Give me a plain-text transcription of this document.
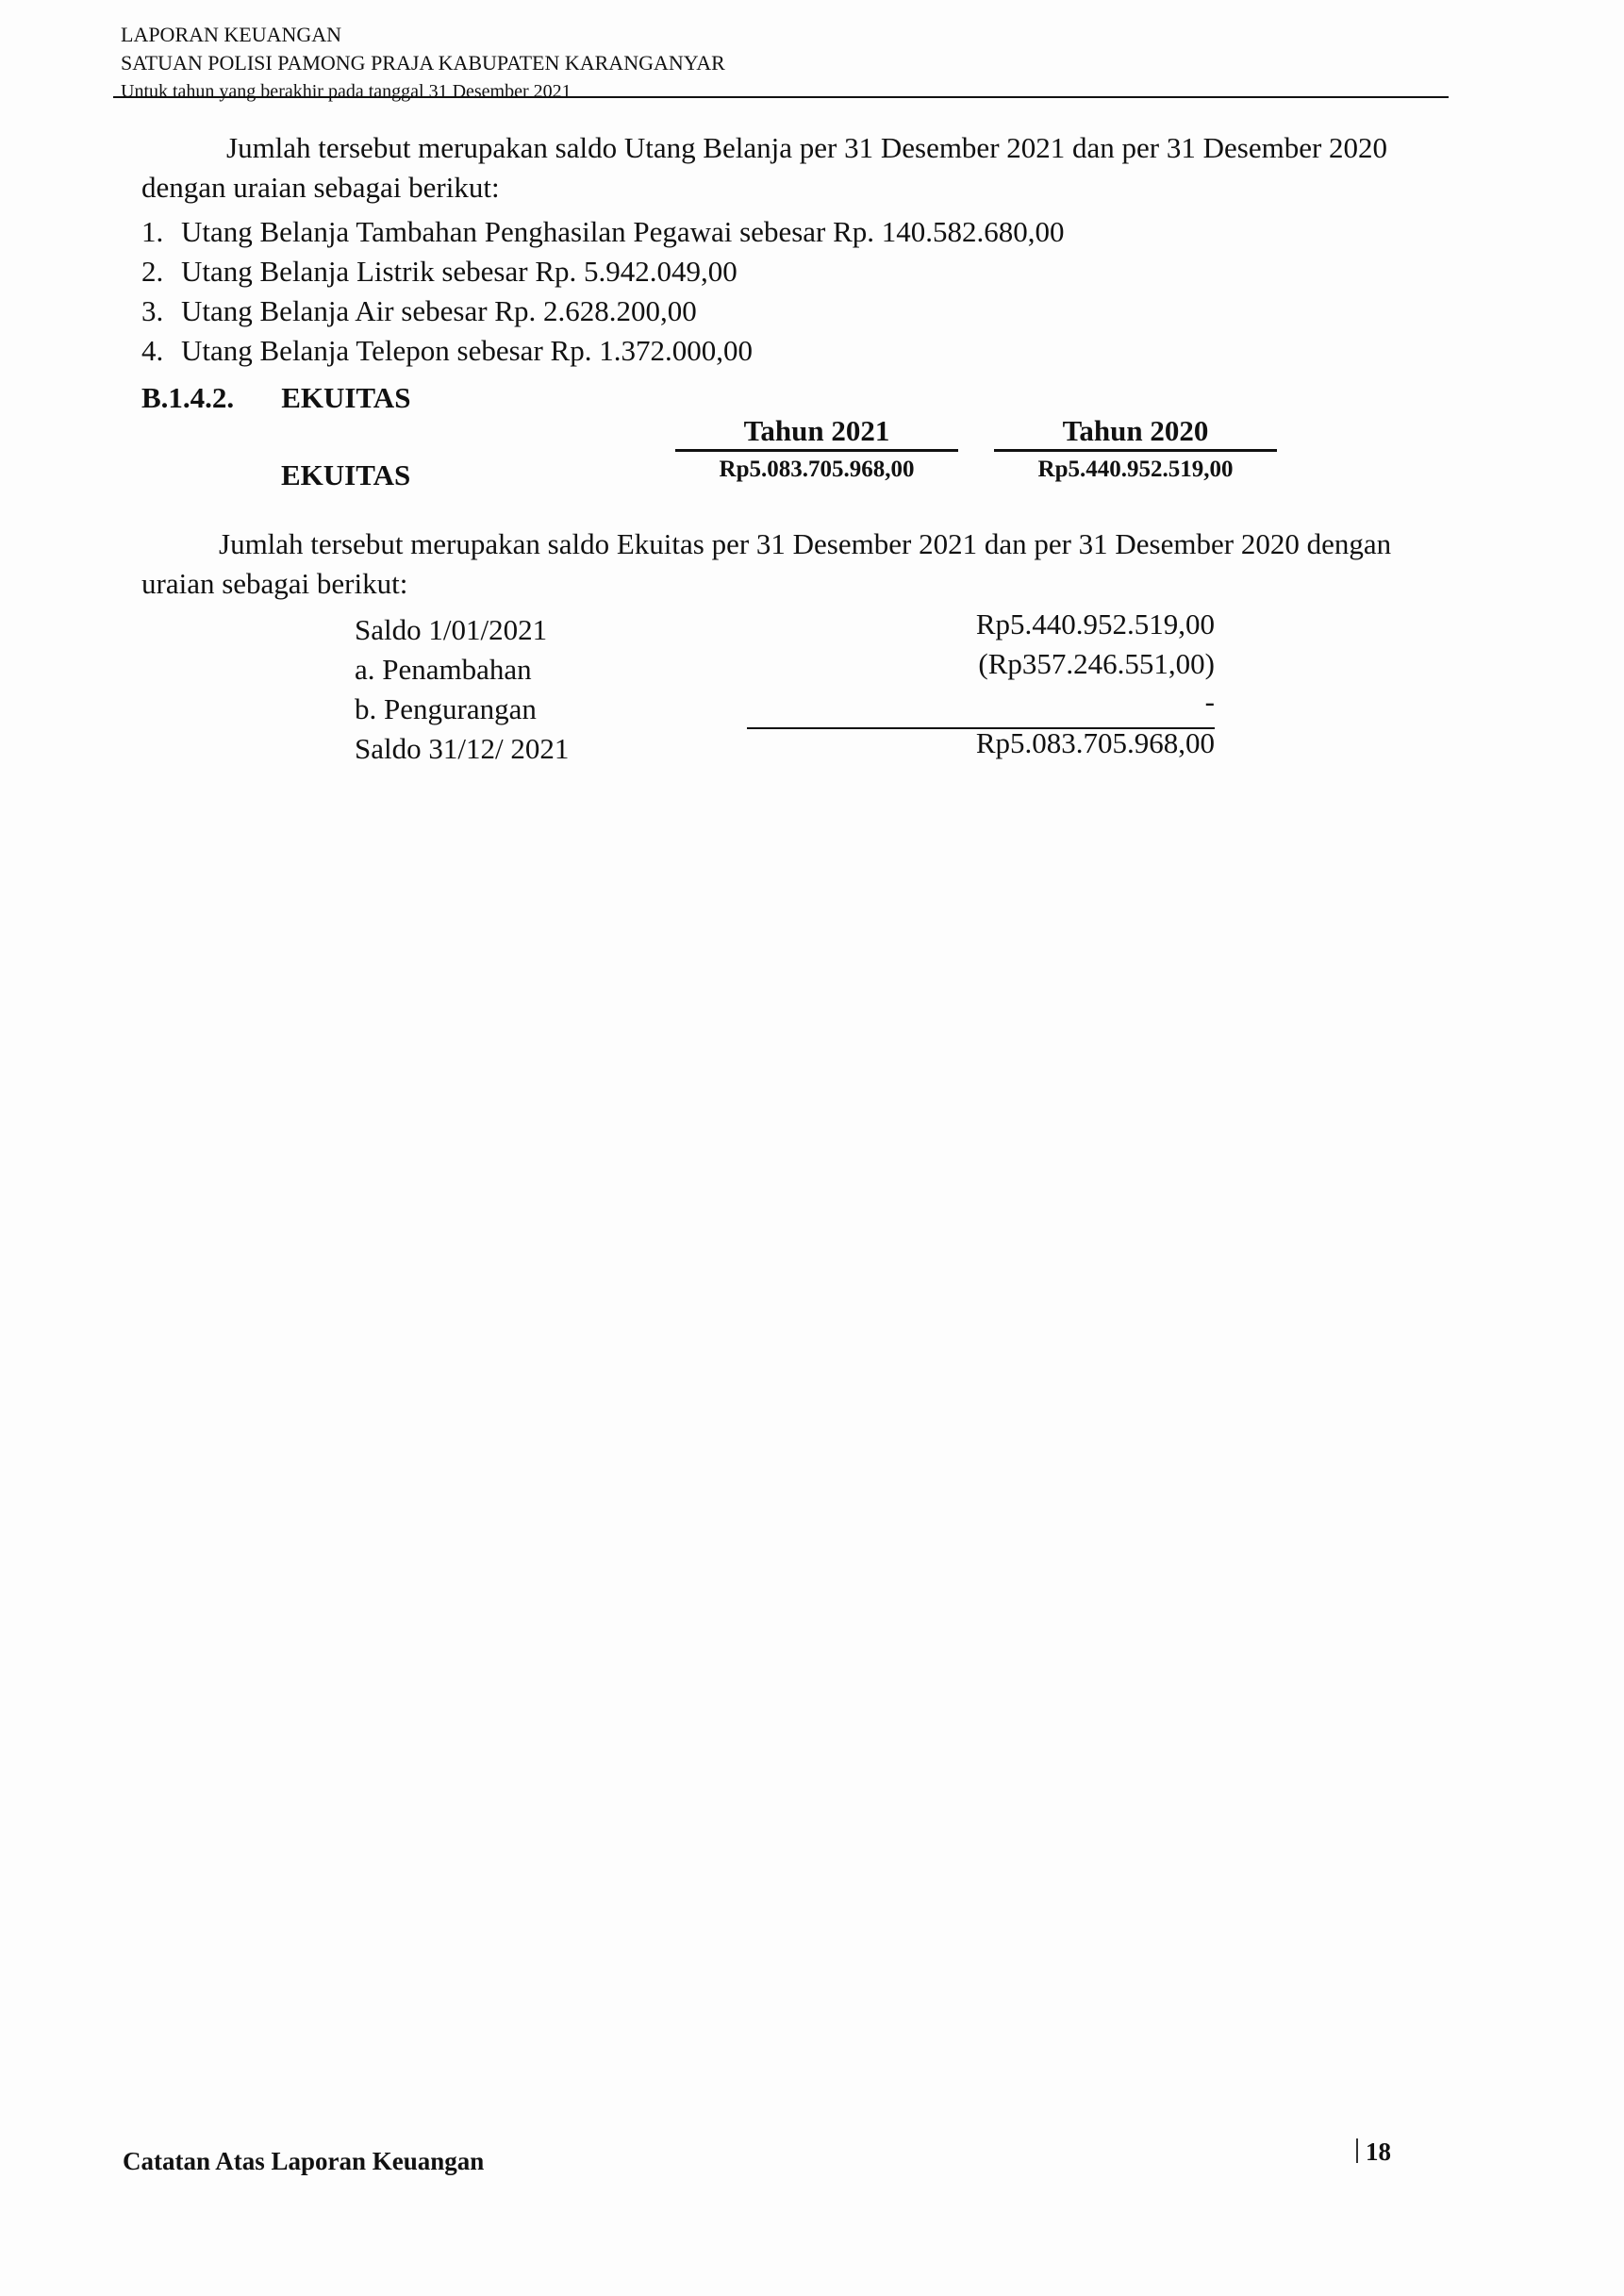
LAPORAN KEUANGAN
SATUAN POLISI PAMONG PRAJA KABUPATEN KARANGANYAR
Untuk tahun yang berakhir pada tanggal 31 Desember 2021
Jumlah tersebut merupakan saldo Utang Belanja per 31 Desember 2021 dan per 31 Desember 2020 dengan uraian sebagai berikut:
1. Utang Belanja Tambahan Penghasilan Pegawai sebesar Rp. 140.582.680,00
2. Utang Belanja Listrik sebesar Rp. 5.942.049,00
3. Utang Belanja Air sebesar Rp. 2.628.200,00
4. Utang Belanja Telepon sebesar Rp. 1.372.000,00
B.1.4.2. EKUITAS
Tahun 2021	Tahun 2020
EKUITAS	Rp5.083.705.968,00	Rp5.440.952.519,00
Jumlah tersebut merupakan saldo Ekuitas per 31 Desember 2021 dan per 31 Desember 2020 dengan uraian sebagai berikut:
Saldo 1/01/2021	Rp5.440.952.519,00
a. Penambahan	(Rp357.246.551,00)
b. Pengurangan	-
Saldo 31/12/ 2021	Rp5.083.705.968,00
Catatan Atas Laporan Keuangan	18
